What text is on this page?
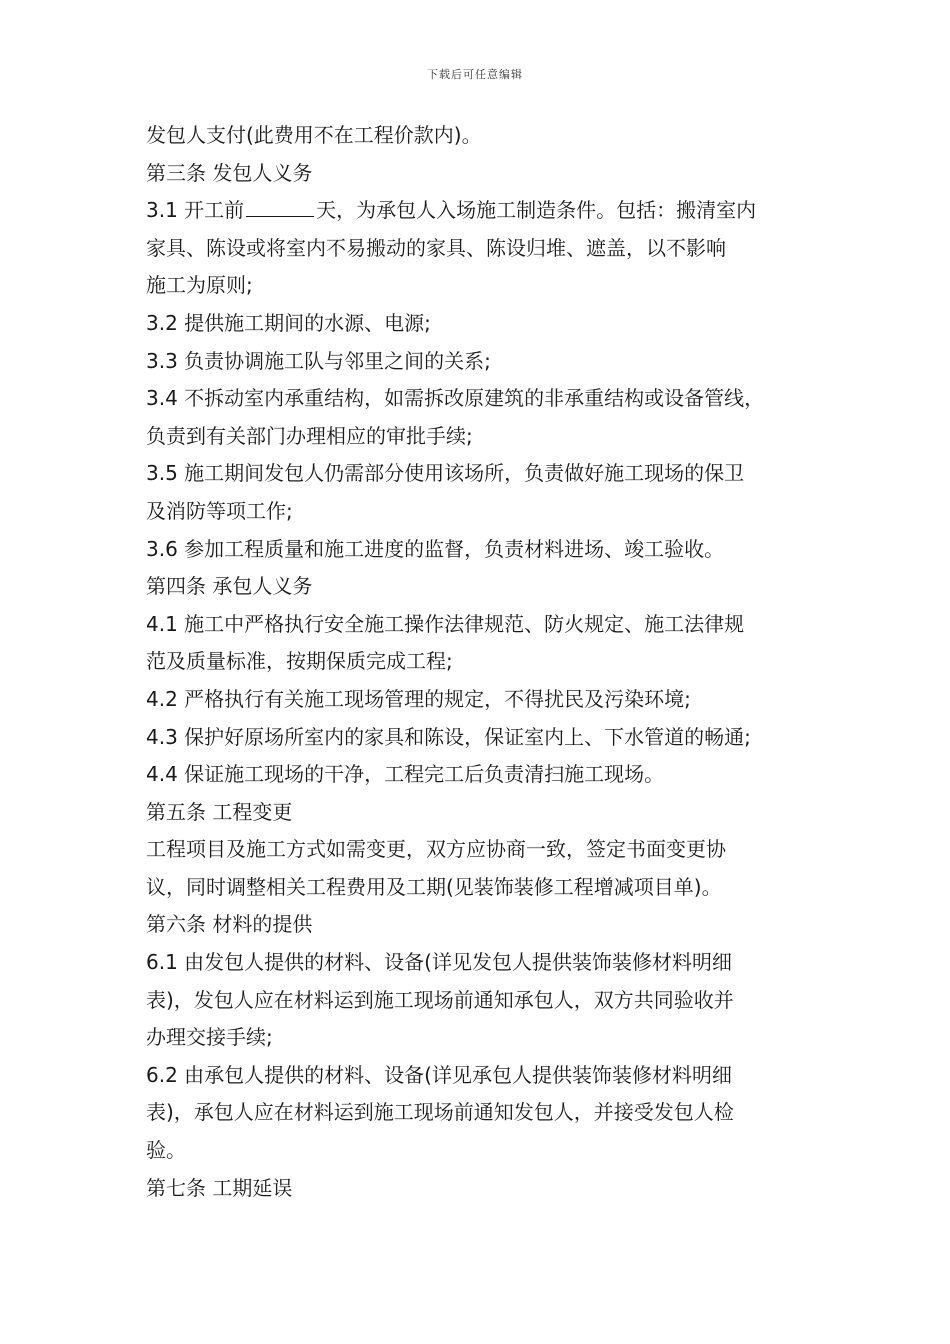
下载后可任意编辑
发包人支付(此费用不在工程价款内)。
第三条 发包人义务
3.1 开工前	天，为承包人入场施工制造条件。包括：搬清室内
家具、陈设或将室内不易搬动的家具、陈设归堆、遮盖，以不影响
施工为原则;
3.2 提供施工期间的水源、电源;
3.3 负责协调施工队与邻里之间的关系;
3.4 不拆动室内承重结构，如需拆改原建筑的非承重结构或设备管线，
负责到有关部门办理相应的审批手续;
3.5 施工期间发包人仍需部分使用该场所，负责做好施工现场的保卫
及消防等项工作;
3.6 参加工程质量和施工进度的监督，负责材料进场、竣工验收。
第四条 承包人义务
4.1 施工中严格执行安全施工操作法律规范、防火规定、施工法律规
范及质量标准，按期保质完成工程;
4.2 严格执行有关施工现场管理的规定，不得扰民及污染环境;
4.3 保护好原场所室内的家具和陈设，保证室内上、下水管道的畅通;
4.4 保证施工现场的干净，工程完工后负责清扫施工现场。
第五条 工程变更
工程项目及施工方式如需变更，双方应协商一致，签定书面变更协
议，同时调整相关工程费用及工期(见装饰装修工程增减项目单)。
第六条 材料的提供
6.1 由发包人提供的材料、设备(详见发包人提供装饰装修材料明细
表)，发包人应在材料运到施工现场前通知承包人，双方共同验收并
办理交接手续;
6.2 由承包人提供的材料、设备(详见承包人提供装饰装修材料明细
表)，承包人应在材料运到施工现场前通知发包人，并接受发包人检
验。
第七条 工期延误
